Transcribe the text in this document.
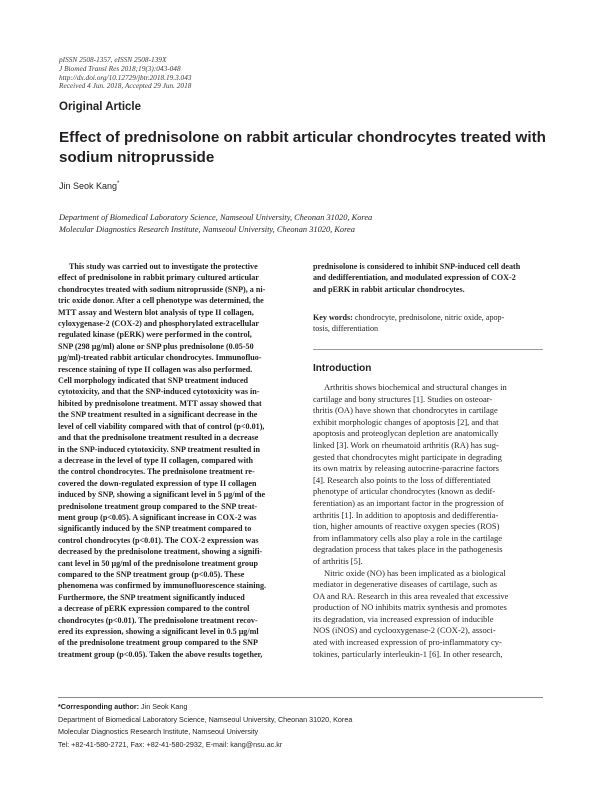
pISSN 2508-1357, eISSN 2508-139X
J Biomed Transl Res 2018;19(3):043-048
http://dx.doi.org/10.12729/jbtr.2018.19.3.043
Received 4 Jun. 2018, Accepted 29 Jun. 2018
Original Article
Effect of prednisolone on rabbit articular chondrocytes treated with sodium nitroprusside
Jin Seok Kang*
Department of Biomedical Laboratory Science, Namseoul University, Cheonan 31020, Korea
Molecular Diagnostics Research Institute, Namseoul University, Cheonan 31020, Korea
This study was carried out to investigate the protective
effect of prednisolone in rabbit primary cultured articular
chondrocytes treated with sodium nitroprusside (SNP), a ni-
tric oxide donor. After a cell phenotype was determined, the
MTT assay and Western blot analysis of type II collagen,
cyloxygenase-2 (COX-2) and phosphorylated extracellular
regulated kinase (pERK) were performed in the control,
SNP (298 μg/ml) alone or SNP plus prednisolone (0.05-50
μg/ml)-treated rabbit articular chondrocytes. Immunofluo-
rescence staining of type II collagen was also performed.
Cell morphology indicated that SNP treatment induced
cytotoxicity, and that the SNP-induced cytotoxicity was in-
hibited by prednisolone treatment. MTT assay showed that
the SNP treatment resulted in a significant decrease in the
level of cell viability compared with that of control (p<0.01),
and that the prednisolone treatment resulted in a decrease
in the SNP-induced cytotoxicity. SNP treatment resulted in
a decrease in the level of type II collagen, compared with
the control chondrocytes. The prednisolone treatment re-
covered the down-regulated expression of type II collagen
induced by SNP, showing a significant level in 5 μg/ml of the
prednisolone treatment group compared to the SNP treat-
ment group (p<0.05). A significant increase in COX-2 was
significantly induced by the SNP treatment compared to
control chondrocytes (p<0.01). The COX-2 expression was
decreased by the prednisolone treatment, showing a signifi-
cant level in 50 μg/ml of the prednisolone treatment group
compared to the SNP treatment group (p<0.05). These
phenomena was confirmed by immunofluorescence staining.
Furthermore, the SNP treatment significantly induced
a decrease of pERK expression compared to the control
chondrocytes (p<0.01). The prednisolone treatment recov-
ered its expression, showing a significant level in 0.5 μg/ml
of the prednisolone treatment group compared to the SNP
treatment group (p<0.05). Taken the above results together,
prednisolone is considered to inhibit SNP-induced cell death
and dedifferentiation, and modulated expression of COX-2
and pERK in rabbit articular chondrocytes.
Key words: chondrocyte, prednisolone, nitric oxide, apop-
tosis, differentiation
Introduction
Arthritis shows biochemical and structural changes in
cartilage and bony structures [1]. Studies on osteoar-
thritis (OA) have shown that chondrocytes in cartilage
exhibit morphologic changes of apoptosis [2], and that
apoptosis and proteoglycan depletion are anatomically
linked [3]. Work on rheumatoid arthritis (RA) has sug-
gested that chondrocytes might participate in degrading
its own matrix by releasing autocrine-paracrine factors
[4]. Research also points to the loss of differentiated
phenotype of articular chondrocytes (known as dedif-
ferentiation) as an important factor in the progression of
arthritis [1]. In addition to apoptosis and dedifferentia-
tion, higher amounts of reactive oxygen species (ROS)
from inflammatory cells also play a role in the cartilage
degradation process that takes place in the pathogenesis
of arthritis [5].
Nitric oxide (NO) has been implicated as a biological
mediator in degenerative diseases of cartilage, such as
OA and RA. Research in this area revealed that excessive
production of NO inhibits matrix synthesis and promotes
its degradation, via increased expression of inducible
NOS (iNOS) and cyclooxygenase-2 (COX-2), associ-
ated with increased expression of pro-inflammatory cy-
tokines, particularly interleukin-1 [6]. In other research,
*Corresponding author: Jin Seok Kang
Department of Biomedical Laboratory Science, Namseoul University, Cheonan 31020, Korea
Molecular Diagnostics Research Institute, Namseoul University
Tel: +82-41-580-2721, Fax: +82-41-580-2932, E-mail: kang@nsu.ac.kr
